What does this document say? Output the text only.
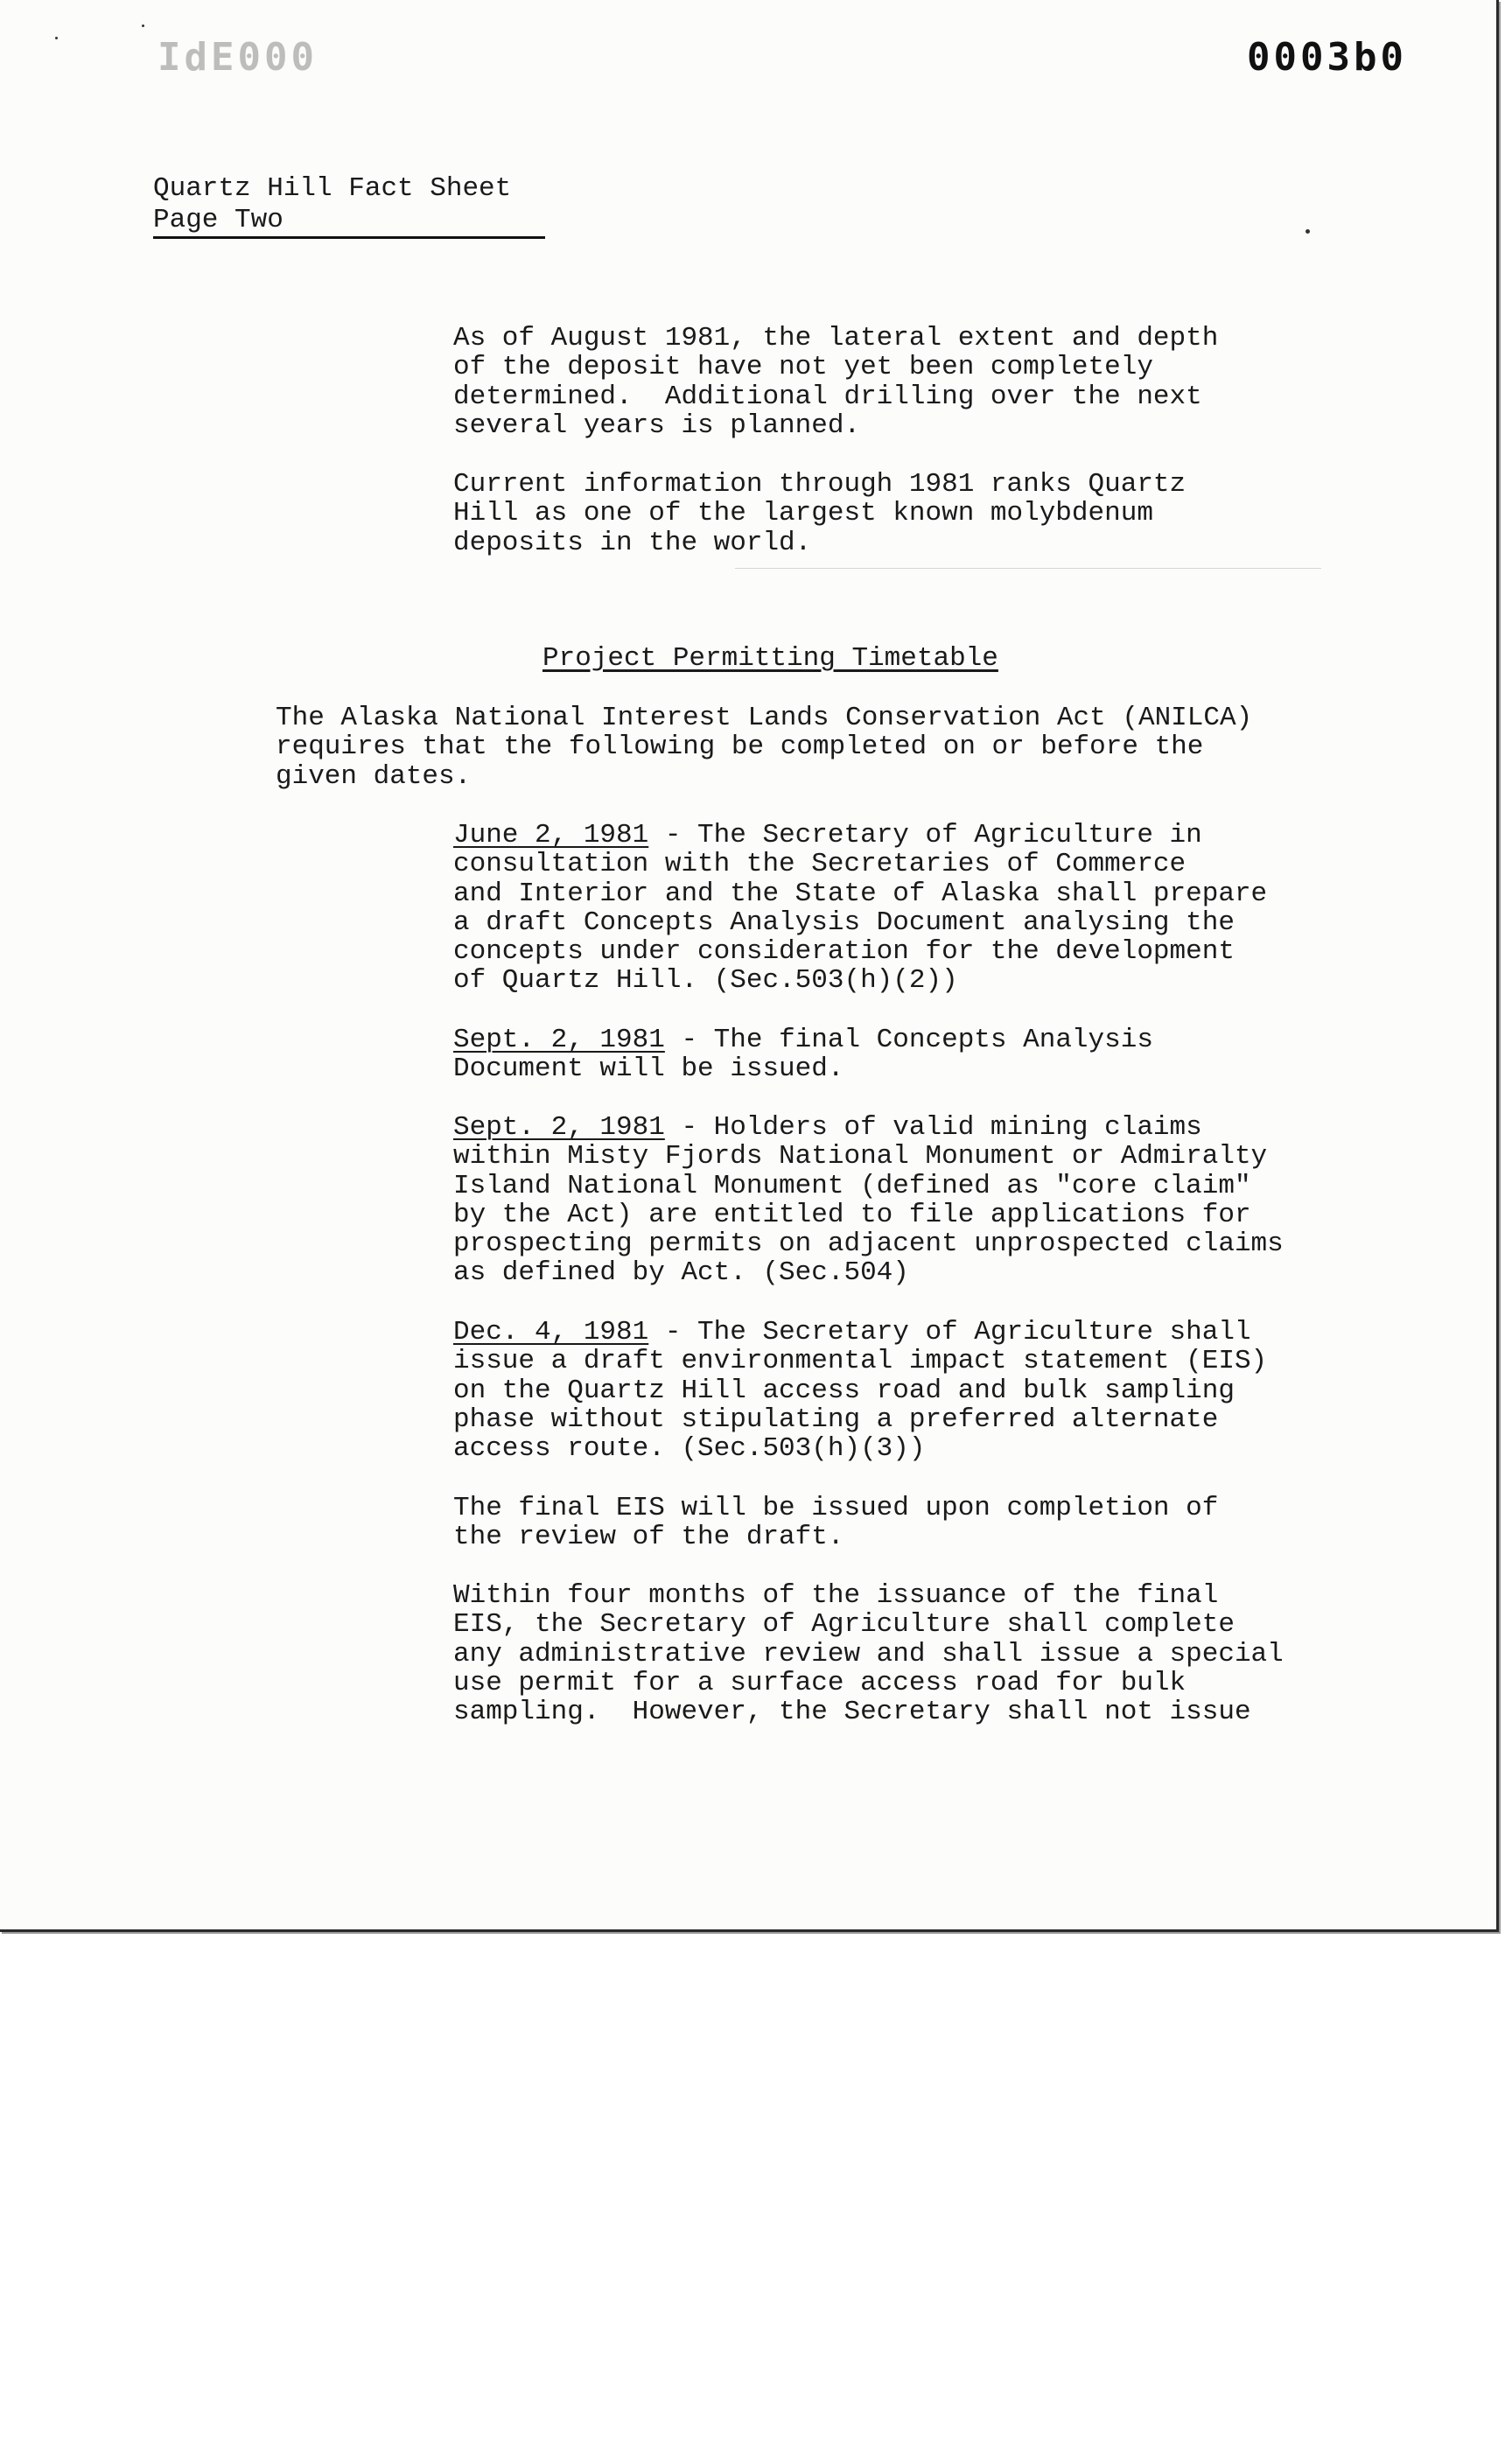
IdE000	0003b0
Quartz Hill Fact Sheet
Page Two
As of August 1981, the lateral extent and depth
of the deposit have not yet been completely
determined.  Additional drilling over the next
several years is planned.
Current information through 1981 ranks Quartz
Hill as one of the largest known molybdenum
deposits in the world.
Project Permitting Timetable
The Alaska National Interest Lands Conservation Act (ANILCA)
requires that the following be completed on or before the
given dates.
June 2, 1981 - The Secretary of Agriculture in
consultation with the Secretaries of Commerce
and Interior and the State of Alaska shall prepare
a draft Concepts Analysis Document analysing the
concepts under consideration for the development
of Quartz Hill. (Sec.503(h)(2))
Sept. 2, 1981 - The final Concepts Analysis
Document will be issued.
Sept. 2, 1981 - Holders of valid mining claims
within Misty Fjords National Monument or Admiralty
Island National Monument (defined as "core claim"
by the Act) are entitled to file applications for
prospecting permits on adjacent unprospected claims
as defined by Act. (Sec.504)
Dec. 4, 1981 - The Secretary of Agriculture shall
issue a draft environmental impact statement (EIS)
on the Quartz Hill access road and bulk sampling
phase without stipulating a preferred alternate
access route. (Sec.503(h)(3))
The final EIS will be issued upon completion of
the review of the draft.
Within four months of the issuance of the final
EIS, the Secretary of Agriculture shall complete
any administrative review and shall issue a special
use permit for a surface access road for bulk
sampling.  However, the Secretary shall not issue
